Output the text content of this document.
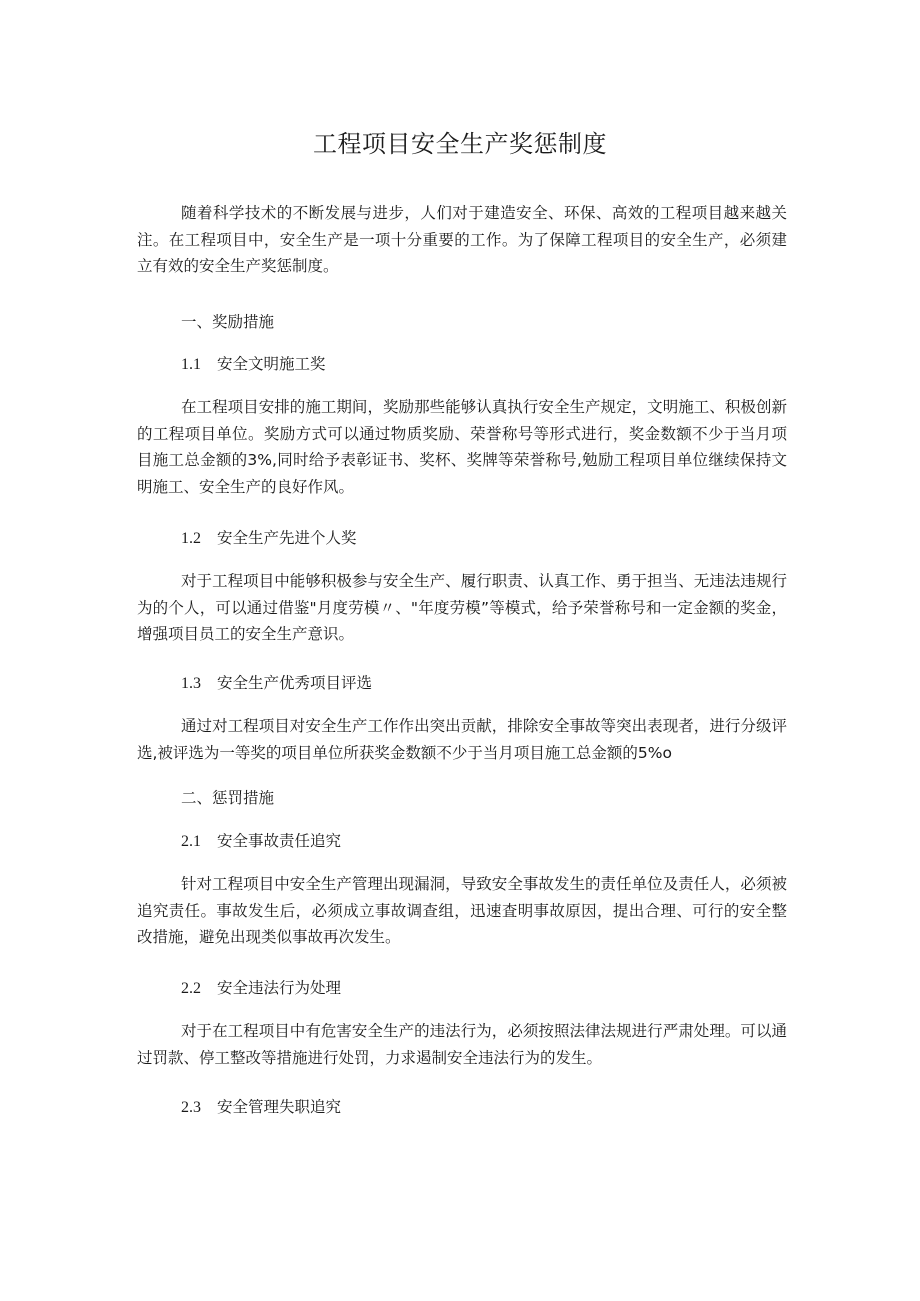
工程项目安全生产奖惩制度

随着科学技术的不断发展与进步，人们对于建造安全、环保、高效的工程项目越来越关注。在工程项目中，安全生产是一项十分重要的工作。为了保障工程项目的安全生产，必须建立有效的安全生产奖惩制度。

一、奖励措施
1.1 安全文明施工奖

在工程项目安排的施工期间，奖励那些能够认真执行安全生产规定，文明施工、积极创新的工程项目单位。奖励方式可以通过物质奖励、荣誉称号等形式进行，奖金数额不少于当月项目施工总金额的3%,同时给予表彰证书、奖杯、奖牌等荣誉称号,勉励工程项目单位继续保持文明施工、安全生产的良好作风。

1.2 安全生产先进个人奖

对于工程项目中能够积极参与安全生产、履行职责、认真工作、勇于担当、无违法违规行为的个人，可以通过借鉴"月度劳模〃、"年度劳模”等模式，给予荣誉称号和一定金额的奖金，增强项目员工的安全生产意识。

1.3 安全生产优秀项目评选

通过对工程项目对安全生产工作作出突出贡献，排除安全事故等突出表现者，进行分级评选,被评选为一等奖的项目单位所获奖金数额不少于当月项目施工总金额的5%o

二、惩罚措施
2.1 安全事故责任追究

针对工程项目中安全生产管理出现漏洞，导致安全事故发生的责任单位及责任人，必须被追究责任。事故发生后，必须成立事故调查组，迅速査明事故原因，提出合理、可行的安全整改措施，避免出现类似事故再次发生。

2.2 安全违法行为处理

对于在工程项目中有危害安全生产的违法行为，必须按照法律法规进行严肃处理。可以通过罚款、停工整改等措施进行处罚，力求遏制安全违法行为的发生。

2.3 安全管理失职追究
